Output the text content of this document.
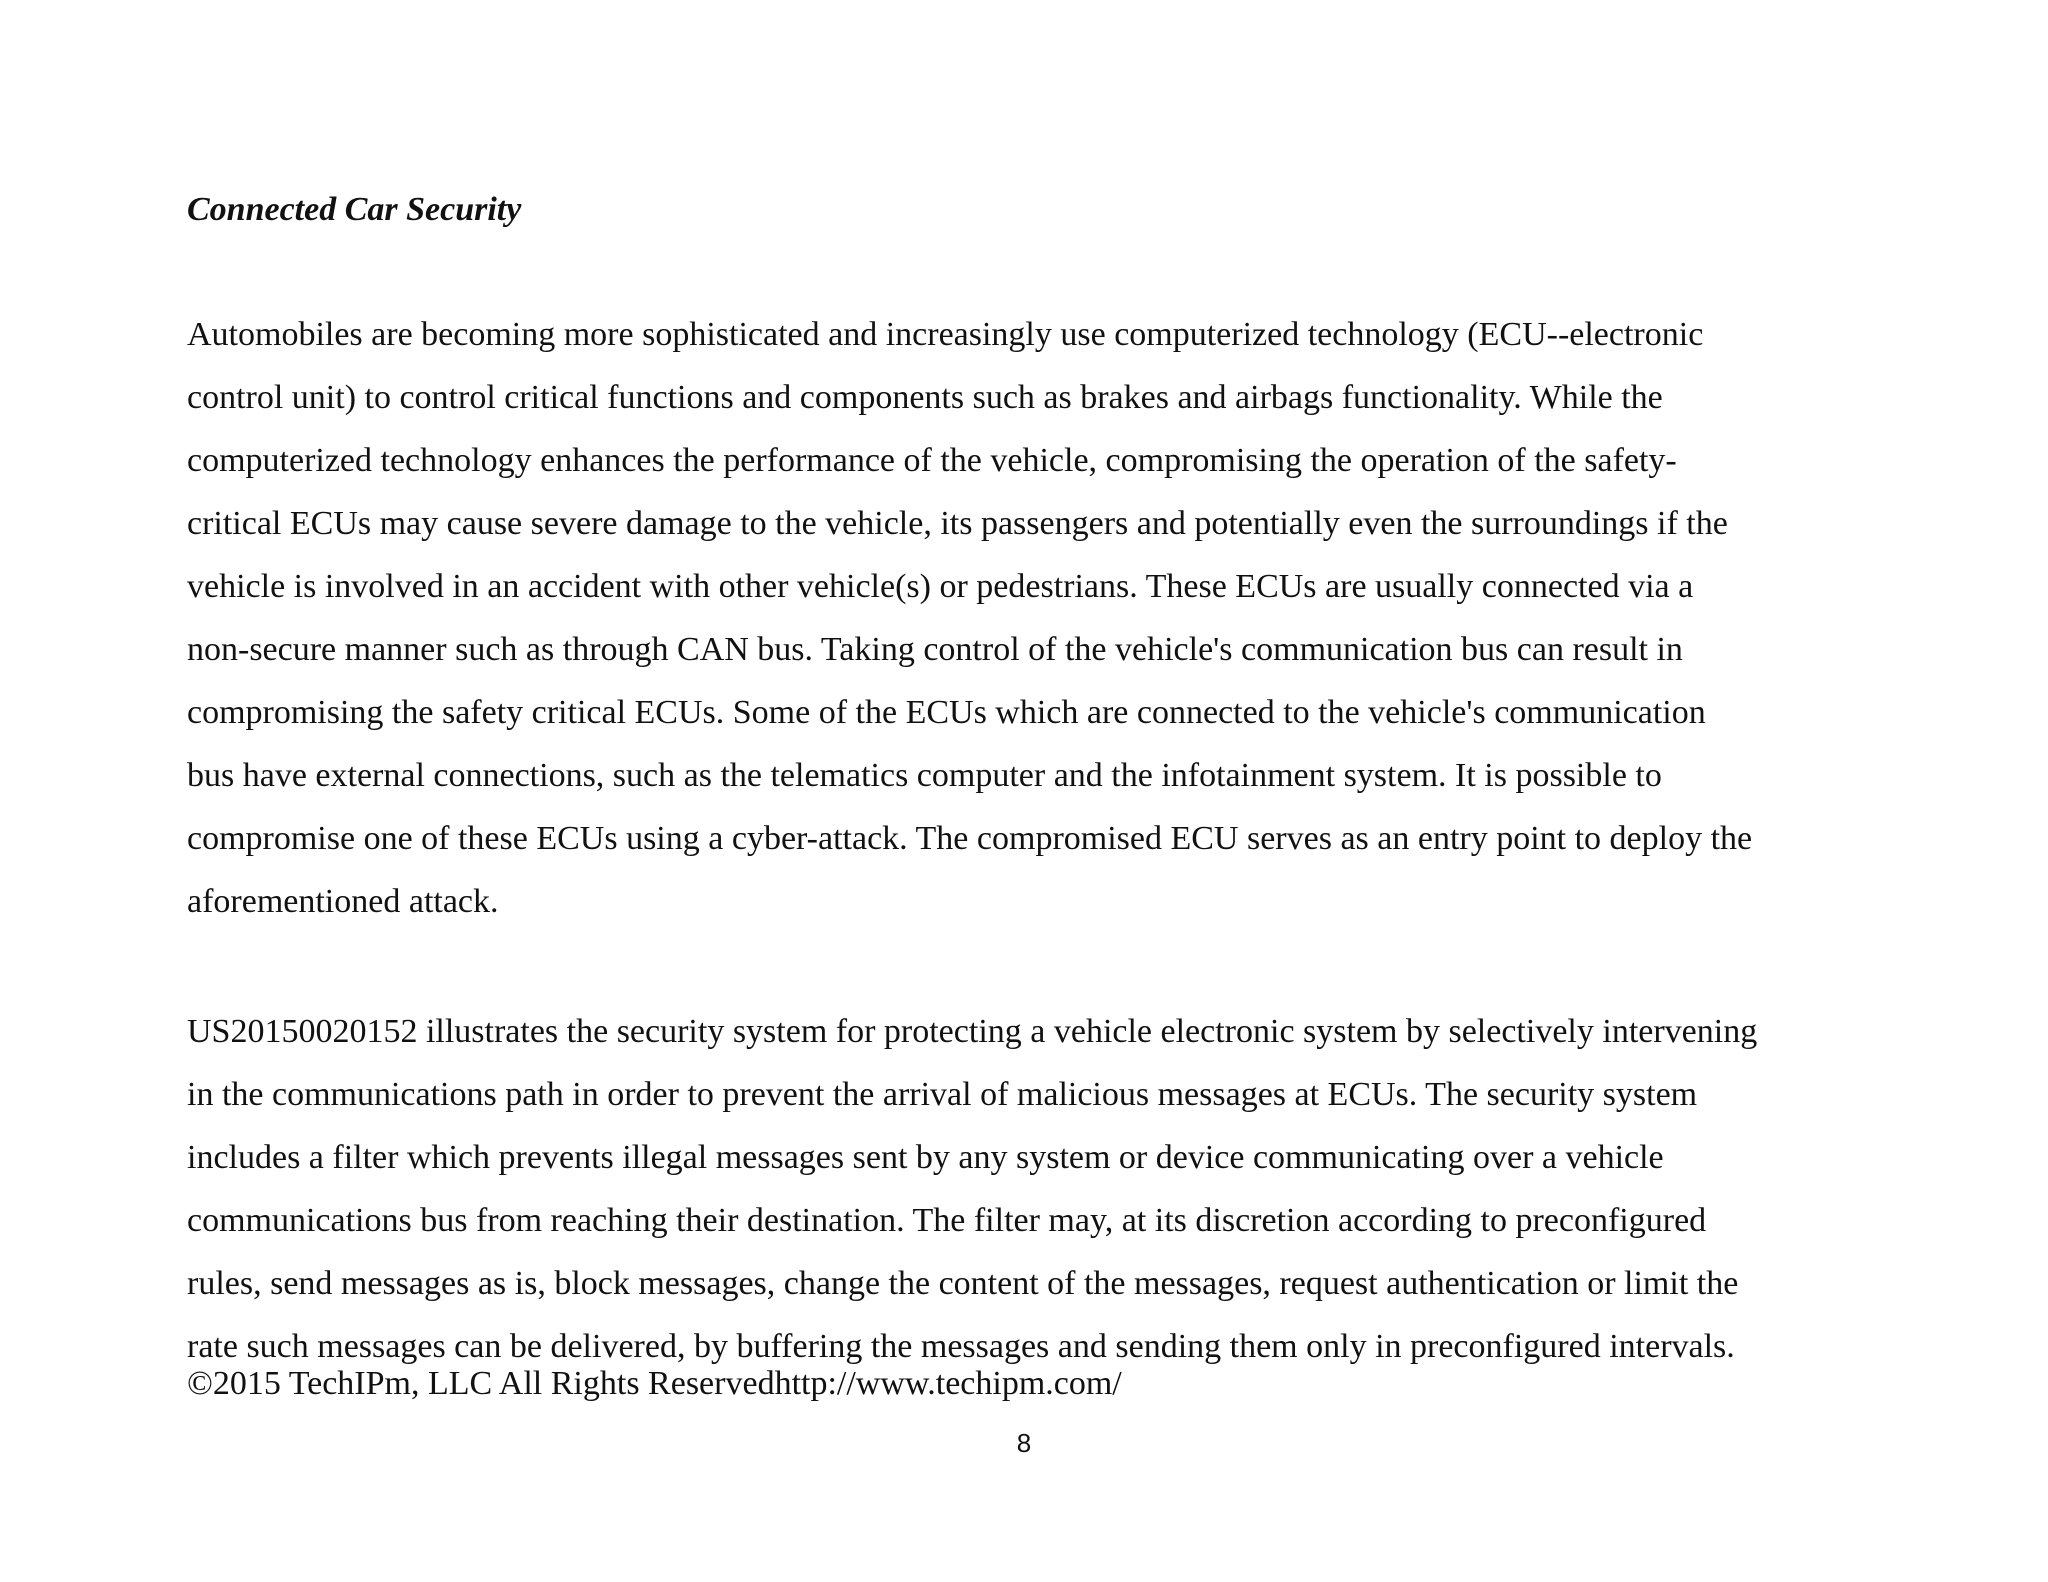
Connected Car Security
Automobiles are becoming more sophisticated and increasingly use computerized technology (ECU--electronic
control unit) to control critical functions and components such as brakes and airbags functionality. While the
computerized technology enhances the performance of the vehicle, compromising the operation of the safety-
critical ECUs may cause severe damage to the vehicle, its passengers and potentially even the surroundings if the
vehicle is involved in an accident with other vehicle(s) or pedestrians. These ECUs are usually connected via a
non-secure manner such as through CAN bus. Taking control of the vehicle's communication bus can result in
compromising the safety critical ECUs. Some of the ECUs which are connected to the vehicle's communication
bus have external connections, such as the telematics computer and the infotainment system. It is possible to
compromise one of these ECUs using a cyber-attack. The compromised ECU serves as an entry point to deploy the
aforementioned attack.
US20150020152 illustrates the security system for protecting a vehicle electronic system by selectively intervening
in the communications path in order to prevent the arrival of malicious messages at ECUs. The security system
includes a filter which prevents illegal messages sent by any system or device communicating over a vehicle
communications bus from reaching their destination. The filter may, at its discretion according to preconfigured
rules, send messages as is, block messages, change the content of the messages, request authentication or limit the
rate such messages can be delivered, by buffering the messages and sending them only in preconfigured intervals.
©2015 TechIPm, LLC All Rights Reservedhttp://www.techipm.com/
8
